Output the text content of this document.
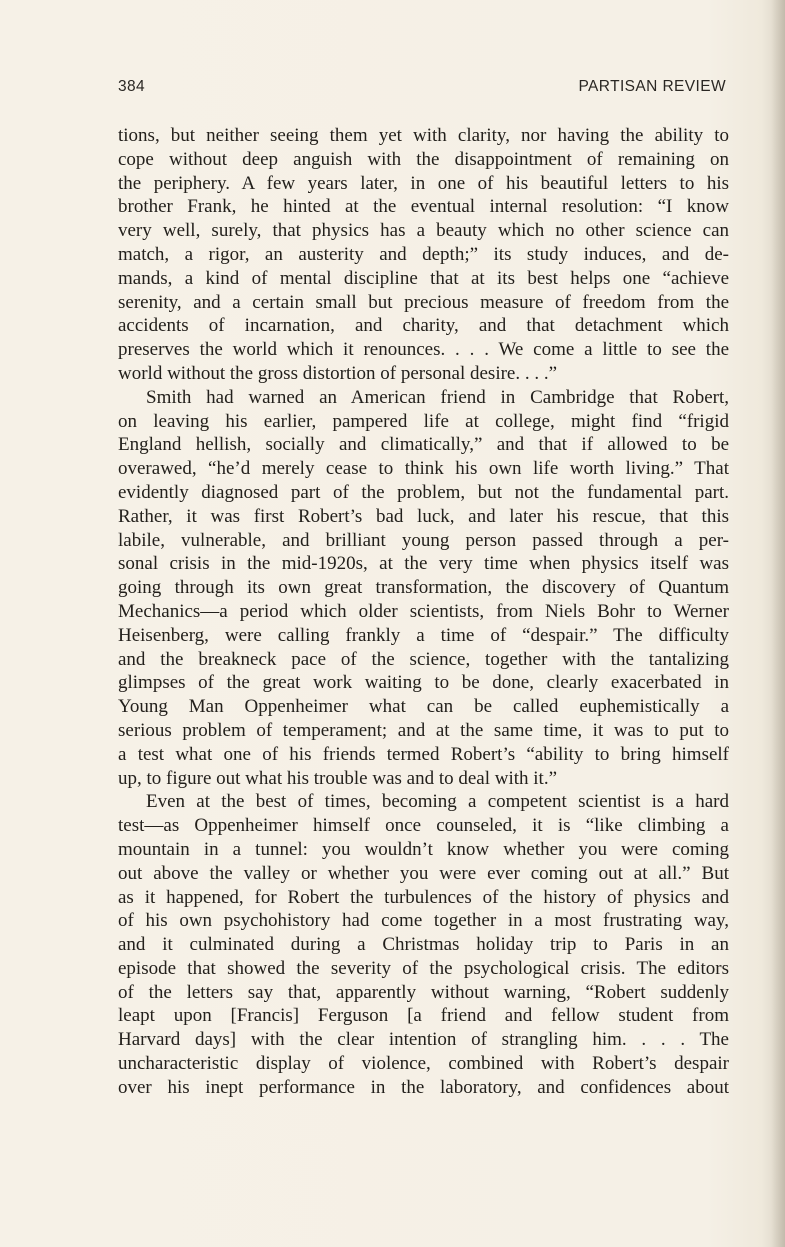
384	PARTISAN REVIEW
tions, but neither seeing them yet with clarity, nor having the ability to
cope without deep anguish with the disappointment of remaining on
the periphery. A few years later, in one of his beautiful letters to his
brother Frank, he hinted at the eventual internal resolution: “I know
very well, surely, that physics has a beauty which no other science can
match, a rigor, an austerity and depth;” its study induces, and de-
mands, a kind of mental discipline that at its best helps one “achieve
serenity, and a certain small but precious measure of freedom from the
accidents of incarnation, and charity, and that detachment which
preserves the world which it renounces. . . . We come a little to see the
world without the gross distortion of personal desire. . . .”
Smith had warned an American friend in Cambridge that Robert,
on leaving his earlier, pampered life at college, might find “frigid
England hellish, socially and climatically,” and that if allowed to be
overawed, “he’d merely cease to think his own life worth living.” That
evidently diagnosed part of the problem, but not the fundamental part.
Rather, it was first Robert’s bad luck, and later his rescue, that this
labile, vulnerable, and brilliant young person passed through a per-
sonal crisis in the mid-1920s, at the very time when physics itself was
going through its own great transformation, the discovery of Quantum
Mechanics—a period which older scientists, from Niels Bohr to Werner
Heisenberg, were calling frankly a time of “despair.” The difficulty
and the breakneck pace of the science, together with the tantalizing
glimpses of the great work waiting to be done, clearly exacerbated in
Young Man Oppenheimer what can be called euphemistically a
serious problem of temperament; and at the same time, it was to put to
a test what one of his friends termed Robert’s “ability to bring himself
up, to figure out what his trouble was and to deal with it.”
Even at the best of times, becoming a competent scientist is a hard
test—as Oppenheimer himself once counseled, it is “like climbing a
mountain in a tunnel: you wouldn’t know whether you were coming
out above the valley or whether you were ever coming out at all.” But
as it happened, for Robert the turbulences of the history of physics and
of his own psychohistory had come together in a most frustrating way,
and it culminated during a Christmas holiday trip to Paris in an
episode that showed the severity of the psychological crisis. The editors
of the letters say that, apparently without warning, “Robert suddenly
leapt upon [Francis] Ferguson [a friend and fellow student from
Harvard days] with the clear intention of strangling him. . . . The
uncharacteristic display of violence, combined with Robert’s despair
over his inept performance in the laboratory, and confidences about
